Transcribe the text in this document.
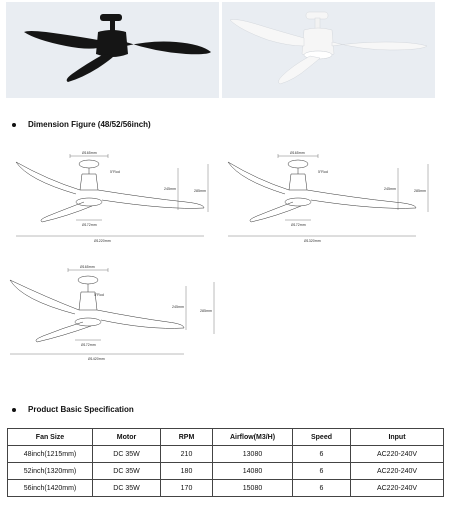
Dimension Figure (48/52/56inch)
Ø165mm
5"Rod
Ø172mm
245mm	285mm
Ø1220mm
Ø165mm
5"Rod
Ø172mm
245mm	285mm
Ø1320mm
Ø165mm
5"Rod
Ø172mm
245mm
285mm
Ø1420mm
Product Basic Specification
Fan Size	Motor	RPM	Airflow(M3/H)	Speed	Input
48inch(1215mm)	DC 35W	210	13080	6	AC220-240V
52inch(1320mm)	DC 35W	180	14080	6	AC220-240V
56inch(1420mm)	DC 35W	170	15080	6	AC220-240V
